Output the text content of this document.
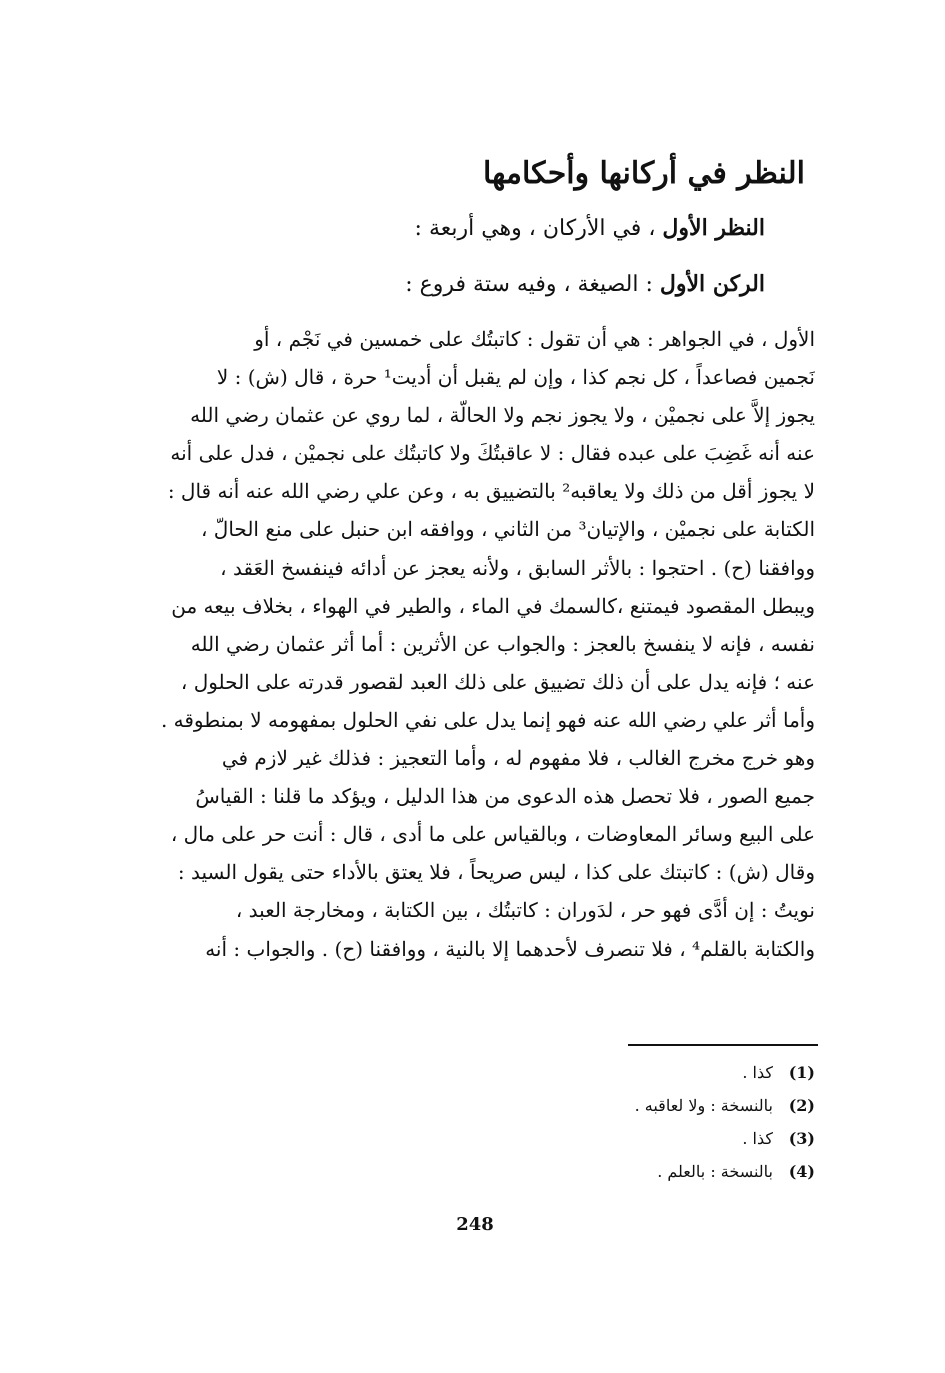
النظر في أركانها وأحكامها
النظر الأول ، في الأركان ، وهي أربعة :
الركن الأول : الصيغة ، وفيه ستة فروع :
الأول ، في الجواهر : هي أن تقول : كاتبتُك على خمسين في نَجْم ، أو
نَجمين فصاعداً ، كل نجم كذا ، وإن لم يقبل أن أديت¹ حرة ، قال (ش) : لا
يجوز إلاَّ على نجميْن ، ولا يجوز نجم ولا الحالّة ، لما روي عن عثمان رضي الله
عنه أنه غَضِبَ على عبده فقال : لا عاقبتُكَ ولا كاتبتُك على نجميْن ، فدل على أنه
لا يجوز أقل من ذلك ولا يعاقبه² بالتضييق به ، وعن علي رضي الله عنه أنه قال :
الكتابة على نجميْن ، والإتيان³ من الثاني ، ووافقه ابن حنبل على منع الحالّ ،
ووافقنا (ح) . احتجوا : بالأثر السابق ، ولأنه يعجز عن أدائه فينفسخ العَقد ،
ويبطل المقصود فيمتنع ،كالسمك في الماء ، والطير في الهواء ، بخلاف بيعه من
نفسه ، فإنه لا ينفسخ بالعجز : والجواب عن الأثرين : أما أثر عثمان رضي الله
عنه ؛ فإنه يدل على أن ذلك تضييق على ذلك العبد لقصور قدرته على الحلول ،
وأما أثر علي رضي الله عنه فهو إنما يدل على نفي الحلول بمفهومه لا بمنطوقه .
وهو خرج مخرج الغالب ، فلا مفهوم له ، وأما التعجيز : فذلك غير لازم في
جميع الصور ، فلا تحصل هذه الدعوى من هذا الدليل ، ويؤكد ما قلنا : القياسُ
على البيع وسائر المعاوضات ، وبالقياس على ما أدى ، قال : أنت حر على مال ،
وقال (ش) : كاتبتك على كذا ، ليس صريحاً ، فلا يعتق بالأداء حتى يقول السيد :
نويتُ : إن أدَّى فهو حر ، لدَوران : كاتبتُك ، بين الكتابة ، ومخارجة العبد ،
والكتابة بالقلم⁴ ، فلا تنصرف لأحدهما إلا بالنية ، ووافقنا (ح) . والجواب : أنه
(1)كذا .
(2)بالنسخة : ولا لعاقبه .
(3)كذا .
(4)بالنسخة : بالعلم .
248
